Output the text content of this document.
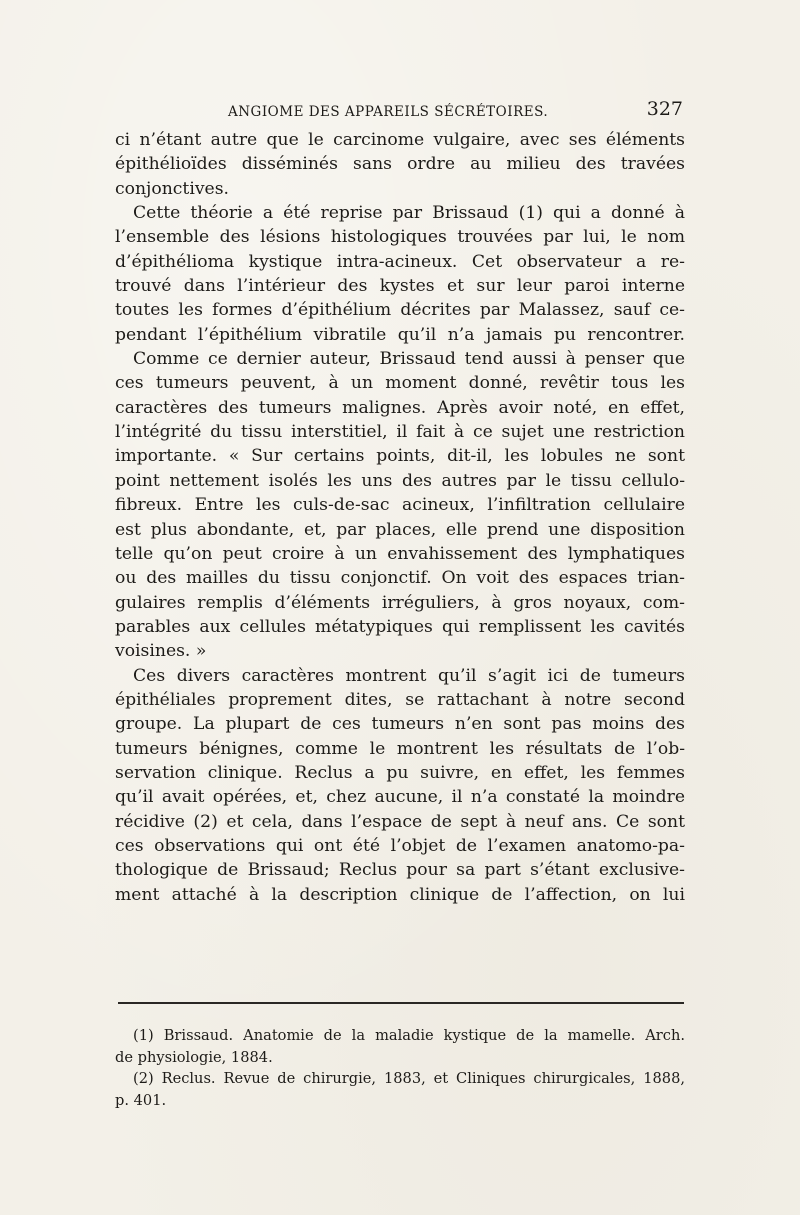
ANGIOME DES APPAREILS SÉCRÉTOIRES.	327
ci n’étant autre que le carcinome vulgaire, avec ses éléments
épithélioïdes disséminés sans ordre au milieu des travées
conjonctives.
Cette théorie a été reprise par Brissaud (1) qui a donné à
l’ensemble des lésions histologiques trouvées par lui, le nom
d’épithélioma kystique intra-acineux. Cet observateur a re-
trouvé dans l’intérieur des kystes et sur leur paroi interne
toutes les formes d’épithélium décrites par Malassez, sauf ce-
pendant l’épithélium vibratile qu’il n’a jamais pu rencontrer.
Comme ce dernier auteur, Brissaud tend aussi à penser que
ces tumeurs peuvent, à un moment donné, revêtir tous les
caractères des tumeurs malignes. Après avoir noté, en effet,
l’intégrité du tissu interstitiel, il fait à ce sujet une restriction
importante. « Sur certains points, dit-il, les lobules ne sont
point nettement isolés les uns des autres par le tissu cellulo-
fibreux. Entre les culs-de-sac acineux, l’infiltration cellulaire
est plus abondante, et, par places, elle prend une disposition
telle qu’on peut croire à un envahissement des lymphatiques
ou des mailles du tissu conjonctif. On voit des espaces trian-
gulaires remplis d’éléments irréguliers, à gros noyaux, com-
parables aux cellules métatypiques qui remplissent les cavités
voisines. »
Ces divers caractères montrent qu’il s’agit ici de tumeurs
épithéliales proprement dites, se rattachant à notre second
groupe. La plupart de ces tumeurs n’en sont pas moins des
tumeurs bénignes, comme le montrent les résultats de l’ob-
servation clinique. Reclus a pu suivre, en effet, les femmes
qu’il avait opérées, et, chez aucune, il n’a constaté la moindre
récidive (2) et cela, dans l’espace de sept à neuf ans. Ce sont
ces observations qui ont été l’objet de l’examen anatomo-pa-
thologique de Brissaud; Reclus pour sa part s’étant exclusive-
ment attaché à la description clinique de l’affection, on lui
(1) Brissaud. Anatomie de la maladie kystique de la mamelle. Arch.
de physiologie, 1884.
(2) Reclus. Revue de chirurgie, 1883, et Cliniques chirurgicales, 1888,
p. 401.
